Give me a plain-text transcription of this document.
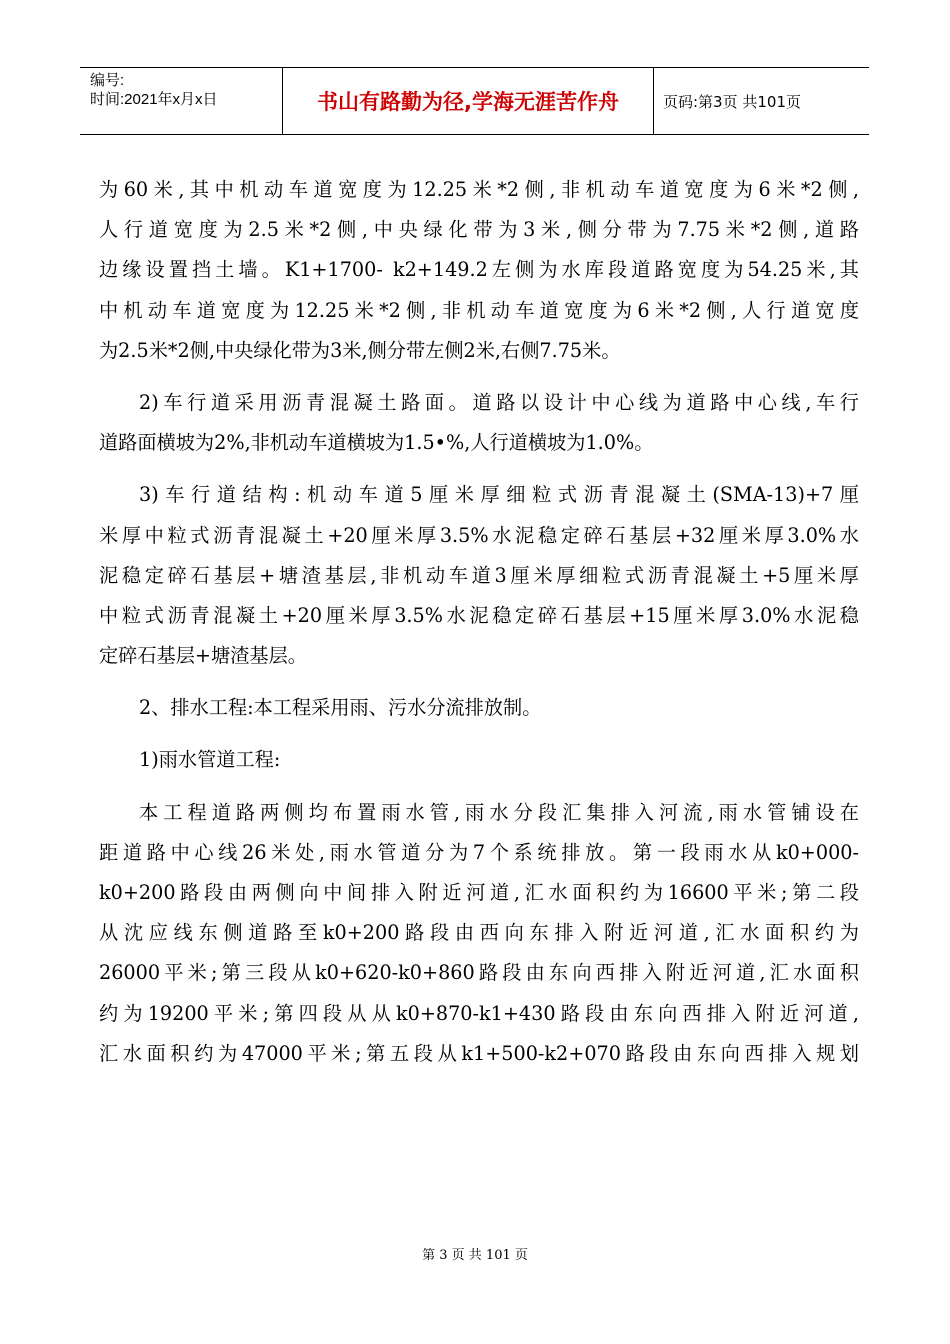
编号:
时间:2021年x月x日	书山有路勤为径,学海无涯苦作舟	页码:第3页 共101页
为60米,其中机动车道宽度为12.25米*2侧,非机动车道宽度为6米*2侧,
人行道宽度为2.5米*2侧,中央绿化带为3米,侧分带为7.75米*2侧,道路
边缘设置挡土墙。K1+1700- k2+149.2左侧为水库段道路宽度为54.25米,其
中机动车道宽度为12.25米*2侧,非机动车道宽度为6米*2侧,人行道宽度
为2.5米*2侧,中央绿化带为3米,侧分带左侧2米,右侧7.75米。
2)车行道采用沥青混凝土路面。道路以设计中心线为道路中心线,车行
道路面横坡为2%,非机动车道横坡为1.5•%,人行道横坡为1.0%。
3)车行道结构:机动车道5厘米厚细粒式沥青混凝土(SMA-13)+7厘
米厚中粒式沥青混凝土+20厘米厚3.5%水泥稳定碎石基层+32厘米厚3.0%水
泥稳定碎石基层+塘渣基层,非机动车道3厘米厚细粒式沥青混凝土+5厘米厚
中粒式沥青混凝土+20厘米厚3.5%水泥稳定碎石基层+15厘米厚3.0%水泥稳
定碎石基层+塘渣基层。
2、排水工程:本工程采用雨、污水分流排放制。
1)雨水管道工程:
本工程道路两侧均布置雨水管,雨水分段汇集排入河流,雨水管铺设在
距道路中心线26米处,雨水管道分为7个系统排放。第一段雨水从k0+000-
k0+200路段由两侧向中间排入附近河道,汇水面积约为16600平米;第二段
从沈应线东侧道路至k0+200路段由西向东排入附近河道,汇水面积约为
26000平米;第三段从k0+620-k0+860路段由东向西排入附近河道,汇水面积
约为19200平米;第四段从从k0+870-k1+430路段由东向西排入附近河道,
汇水面积约为47000平米;第五段从k1+500-k2+070路段由东向西排入规划
第 3 页 共 101 页
